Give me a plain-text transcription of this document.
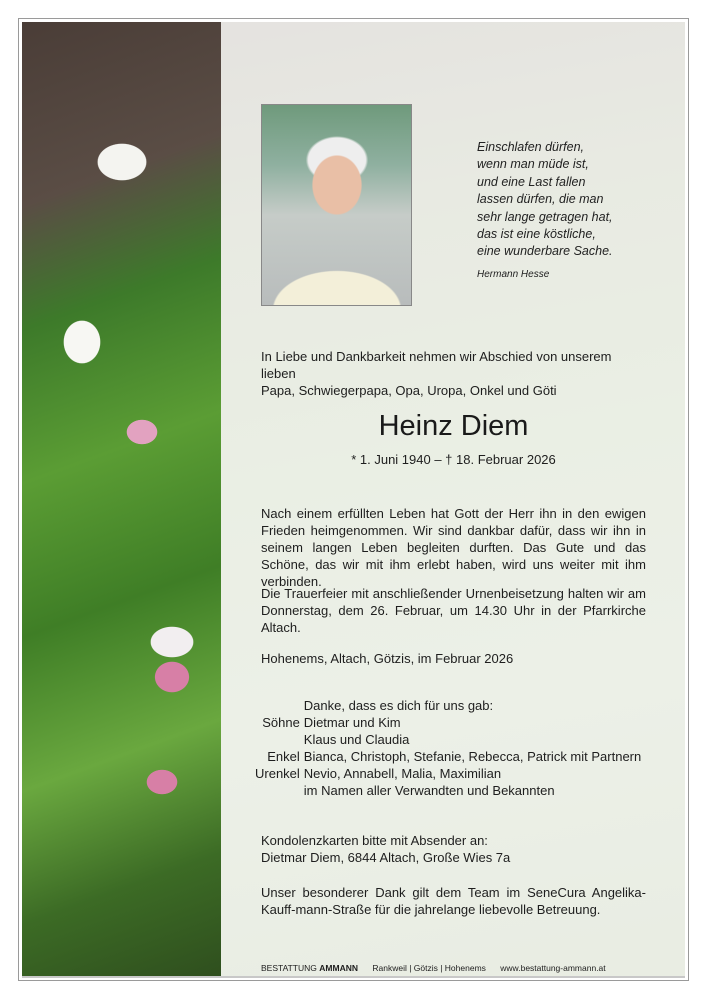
Einschlafen dürfen,
wenn man müde ist,
und eine Last fallen
lassen dürfen, die man
sehr lange getragen hat,
das ist eine köstliche,
eine wunderbare Sache.
Hermann Hesse
In Liebe und Dankbarkeit nehmen wir Abschied von unserem lieben
Papa, Schwiegerpapa, Opa, Uropa, Onkel und Göti
Heinz Diem
* 1. Juni 1940 – † 18. Februar 2026
Nach einem erfüllten Leben hat Gott der Herr ihn in den ewigen Frieden heimgenommen. Wir sind dankbar dafür, dass wir ihn in seinem langen Leben begleiten durften. Das Gute und das Schöne, das wir mit ihm erlebt haben, wird uns weiter mit ihm verbinden.
Die Trauerfeier mit anschließender Urnenbeisetzung halten wir am Donnerstag, dem 26. Februar, um 14.30 Uhr in der Pfarrkirche Altach.
Hohenems, Altach, Götzis, im Februar 2026
	Danke, dass es dich für uns gab:
Söhne	Dietmar und Kim
	Klaus und Claudia
Enkel	Bianca, Christoph, Stefanie, Rebecca, Patrick mit Partnern
Urenkel	Nevio, Annabell, Malia, Maximilian
	im Namen aller Verwandten und Bekannten
Kondolenzkarten bitte mit Absender an:
Dietmar Diem, 6844 Altach, Große Wies 7a
Unser besonderer Dank gilt dem Team im SeneCura Angelika-Kauff-mann-Straße für die jahrelange liebevolle Betreuung.
BESTATTUNG AMMANN Rankweil | Götzis | Hohenems www.bestattung-ammann.at
